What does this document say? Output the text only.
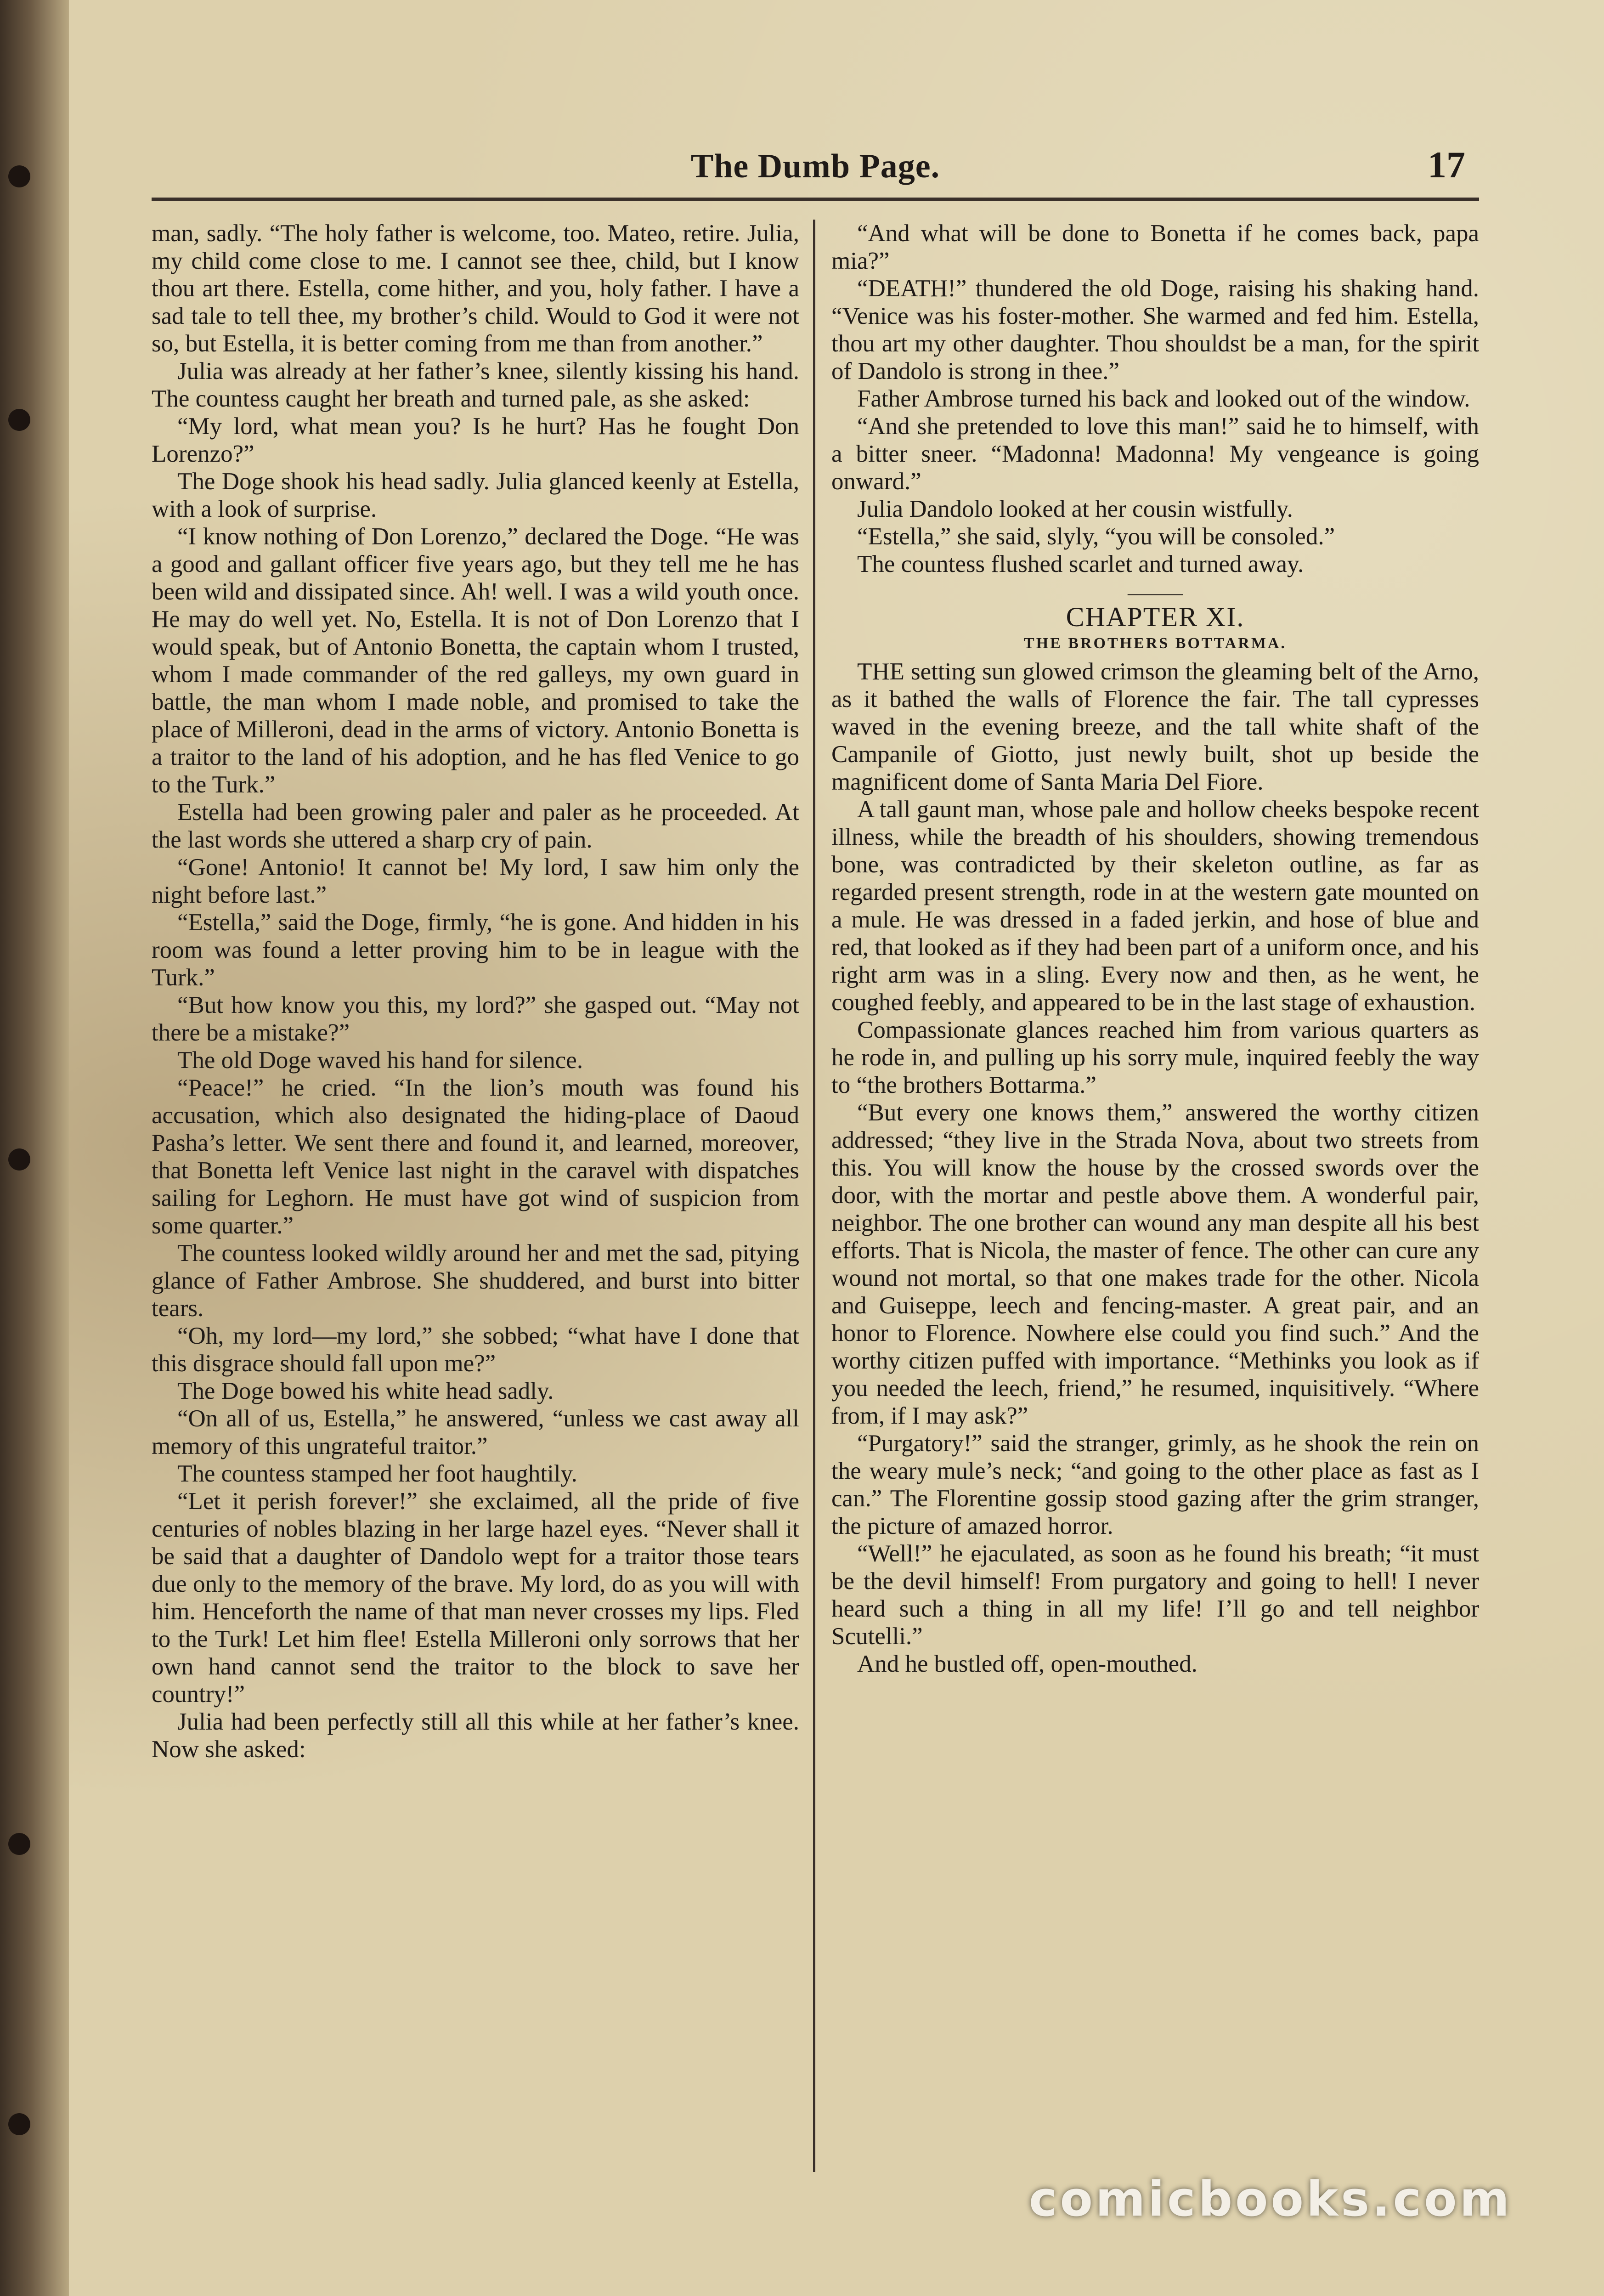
The Dumb Page.	17

man, sadly. “The holy father is welcome, too. Mateo, retire. Julia, my child come close to me. I cannot see thee, child, but I know thou art there. Estella, come hither, and you, holy father. I have a sad tale to tell thee, my brother’s child. Would to God it were not so, but Estella, it is better coming from me than from another.”

Julia was already at her father’s knee, silently kissing his hand. The countess caught her breath and turned pale, as she asked:

“My lord, what mean you? Is he hurt? Has he fought Don Lorenzo?”

The Doge shook his head sadly. Julia glanced keenly at Estella, with a look of surprise.

“I know nothing of Don Lorenzo,” declared the Doge. “He was a good and gallant officer five years ago, but they tell me he has been wild and dissipated since. Ah! well. I was a wild youth once. He may do well yet. No, Estella. It is not of Don Lorenzo that I would speak, but of Antonio Bonetta, the captain whom I trusted, whom I made commander of the red galleys, my own guard in battle, the man whom I made noble, and promised to take the place of Milleroni, dead in the arms of victory. Antonio Bonetta is a traitor to the land of his adoption, and he has fled Venice to go to the Turk.”

Estella had been growing paler and paler as he proceeded. At the last words she uttered a sharp cry of pain.

“Gone! Antonio! It cannot be! My lord, I saw him only the night before last.”

“Estella,” said the Doge, firmly, “he is gone. And hidden in his room was found a letter proving him to be in league with the Turk.”

“But how know you this, my lord?” she gasped out. “May not there be a mistake?”

The old Doge waved his hand for silence.

“Peace!” he cried. “In the lion’s mouth was found his accusation, which also designated the hiding-place of Daoud Pasha’s letter. We sent there and found it, and learned, moreover, that Bonetta left Venice last night in the caravel with dispatches sailing for Leghorn. He must have got wind of suspicion from some quarter.”

The countess looked wildly around her and met the sad, pitying glance of Father Ambrose. She shuddered, and burst into bitter tears.

“Oh, my lord—my lord,” she sobbed; “what have I done that this disgrace should fall upon me?”

The Doge bowed his white head sadly.

“On all of us, Estella,” he answered, “unless we cast away all memory of this ungrateful traitor.”

The countess stamped her foot haughtily.

“Let it perish forever!” she exclaimed, all the pride of five centuries of nobles blazing in her large hazel eyes. “Never shall it be said that a daughter of Dandolo wept for a traitor those tears due only to the memory of the brave. My lord, do as you will with him. Henceforth the name of that man never crosses my lips. Fled to the Turk! Let him flee! Estella Milleroni only sorrows that her own hand cannot send the traitor to the block to save her country!”

Julia had been perfectly still all this while at her father’s knee. Now she asked:

“And what will be done to Bonetta if he comes back, papa mia?”

“DEATH!” thundered the old Doge, raising his shaking hand. “Venice was his foster-mother. She warmed and fed him. Estella, thou art my other daughter. Thou shouldst be a man, for the spirit of Dandolo is strong in thee.”

Father Ambrose turned his back and looked out of the window.

“And she pretended to love this man!” said he to himself, with a bitter sneer. “Madonna! Madonna! My vengeance is going onward.”

Julia Dandolo looked at her cousin wistfully.

“Estella,” she said, slyly, “you will be consoled.”

The countess flushed scarlet and turned away.

———
CHAPTER XI.
THE BROTHERS BOTTARMA.

THE setting sun glowed crimson the gleaming belt of the Arno, as it bathed the walls of Florence the fair. The tall cypresses waved in the evening breeze, and the tall white shaft of the Campanile of Giotto, just newly built, shot up beside the magnificent dome of Santa Maria Del Fiore.

A tall gaunt man, whose pale and hollow cheeks bespoke recent illness, while the breadth of his shoulders, showing tremendous bone, was contradicted by their skeleton outline, as far as regarded present strength, rode in at the western gate mounted on a mule. He was dressed in a faded jerkin, and hose of blue and red, that looked as if they had been part of a uniform once, and his right arm was in a sling. Every now and then, as he went, he coughed feebly, and appeared to be in the last stage of exhaustion.

Compassionate glances reached him from various quarters as he rode in, and pulling up his sorry mule, inquired feebly the way to “the brothers Bottarma.”

“But every one knows them,” answered the worthy citizen addressed; “they live in the Strada Nova, about two streets from this. You will know the house by the crossed swords over the door, with the mortar and pestle above them. A wonderful pair, neighbor. The one brother can wound any man despite all his best efforts. That is Nicola, the master of fence. The other can cure any wound not mortal, so that one makes trade for the other. Nicola and Guiseppe, leech and fencing-master. A great pair, and an honor to Florence. Nowhere else could you find such.” And the worthy citizen puffed with importance. “Methinks you look as if you needed the leech, friend,” he resumed, inquisitively. “Where from, if I may ask?”

“Purgatory!” said the stranger, grimly, as he shook the rein on the weary mule’s neck; “and going to the other place as fast as I can.” The Florentine gossip stood gazing after the grim stranger, the picture of amazed horror.

“Well!” he ejaculated, as soon as he found his breath; “it must be the devil himself! From purgatory and going to hell! I never heard such a thing in all my life! I’ll go and tell neighbor Scutelli.”

And he bustled off, open-mouthed.

comicbooks.com
